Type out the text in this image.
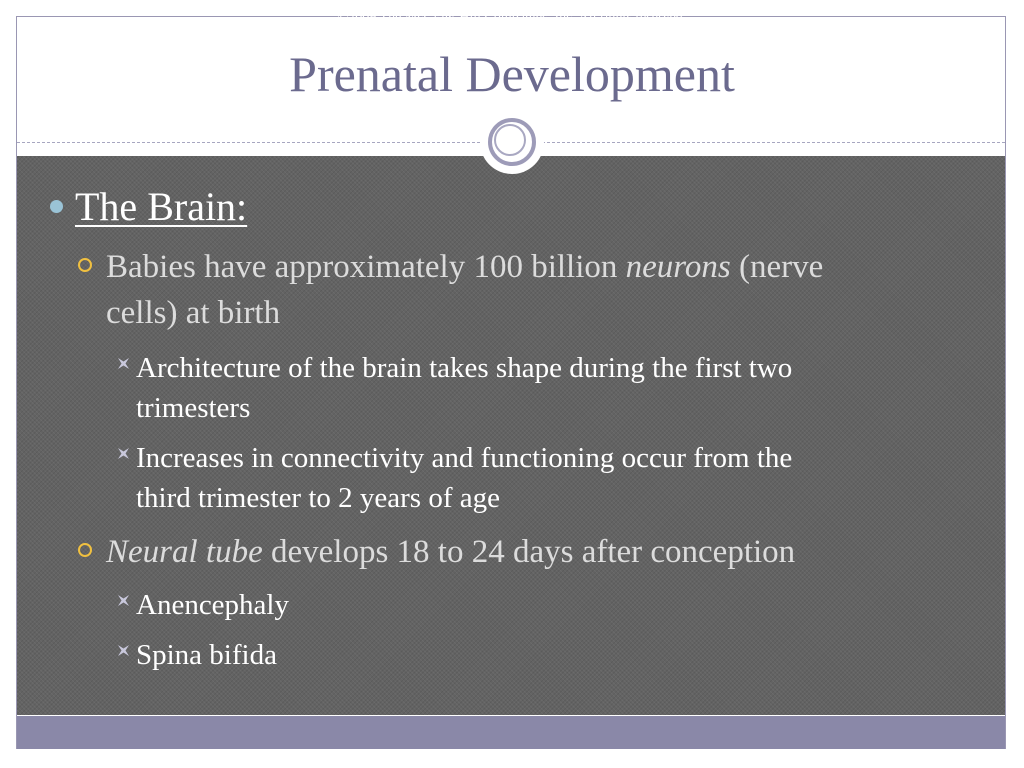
Prenatal Development
The Brain:
Babies have approximately 100 billion neurons (nerve
cells) at birth
Architecture of the brain takes shape during the first two
trimesters
Increases in connectivity and functioning occur from the
third trimester to 2 years of age
Neural tube develops 18 to 24 days after conception
Anencephaly
Spina bifida
©2009 The McGraw-Hill Companies, Inc. All rights reserved.
